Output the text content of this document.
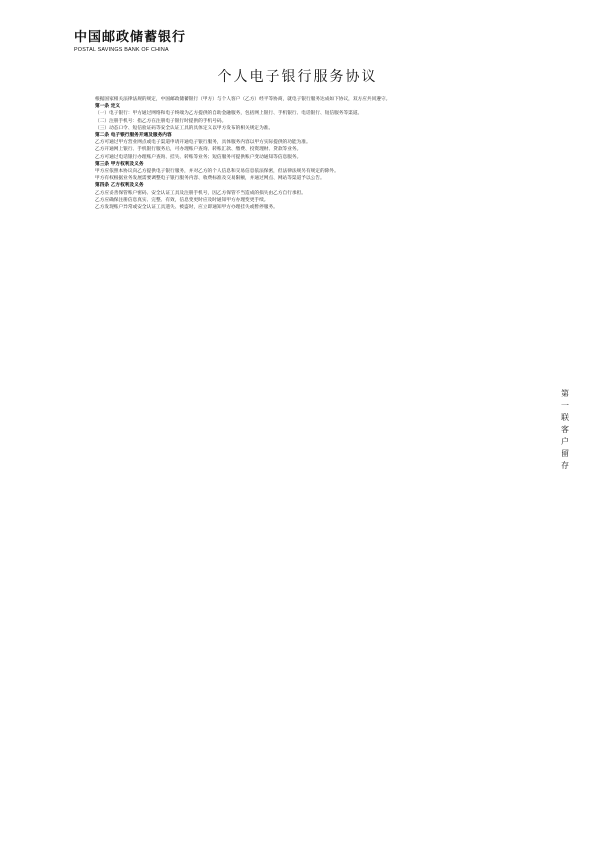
中国邮政储蓄银行
POSTAL SAVINGS BANK OF CHINA
个人电子银行服务协议

根据国家相关法律法规的规定，中国邮政储蓄银行（甲方）与个人客户（乙方）经平等协商，就电子银行服务达成如下协议，双方应共同遵守。

第一条 定义

（一）电子银行：甲方通过网络和电子终端为乙方提供的自助金融服务，包括网上银行、手机银行、电话银行、短信服务等渠道。

（二）注册手机号：指乙方在注册电子银行时提供的手机号码。

（三）动态口令、短信验证码等安全认证工具的具体定义以甲方发布的相关规定为准。

第二条 电子银行服务开通及服务内容

乙方可通过甲方营业网点或电子渠道申请开通电子银行服务，具体服务内容以甲方实际提供的功能为准。

乙方开通网上银行、手机银行服务后，可办理账户查询、转账汇款、缴费、投资理财、贷款等业务。

乙方可通过电话银行办理账户查询、挂失、转账等业务；短信服务可提供账户变动通知等信息服务。

第三条 甲方权利及义务

甲方应依照本协议向乙方提供电子银行服务，并对乙方的个人信息和交易信息依法保密，但法律法规另有规定的除外。

甲方有权根据业务发展需要调整电子银行服务内容、收费标准及交易限额，并通过网点、网站等渠道予以公告。

第四条 乙方权利及义务

乙方应妥善保管账户密码、安全认证工具及注册手机号，因乙方保管不当造成的损失由乙方自行承担。

乙方应确保注册信息真实、完整、有效，信息变更时应及时通知甲方办理变更手续。

乙方发现账户异常或安全认证工具遗失、被盗时，应立即通知甲方办理挂失或暂停服务。

第一联 客户留存
